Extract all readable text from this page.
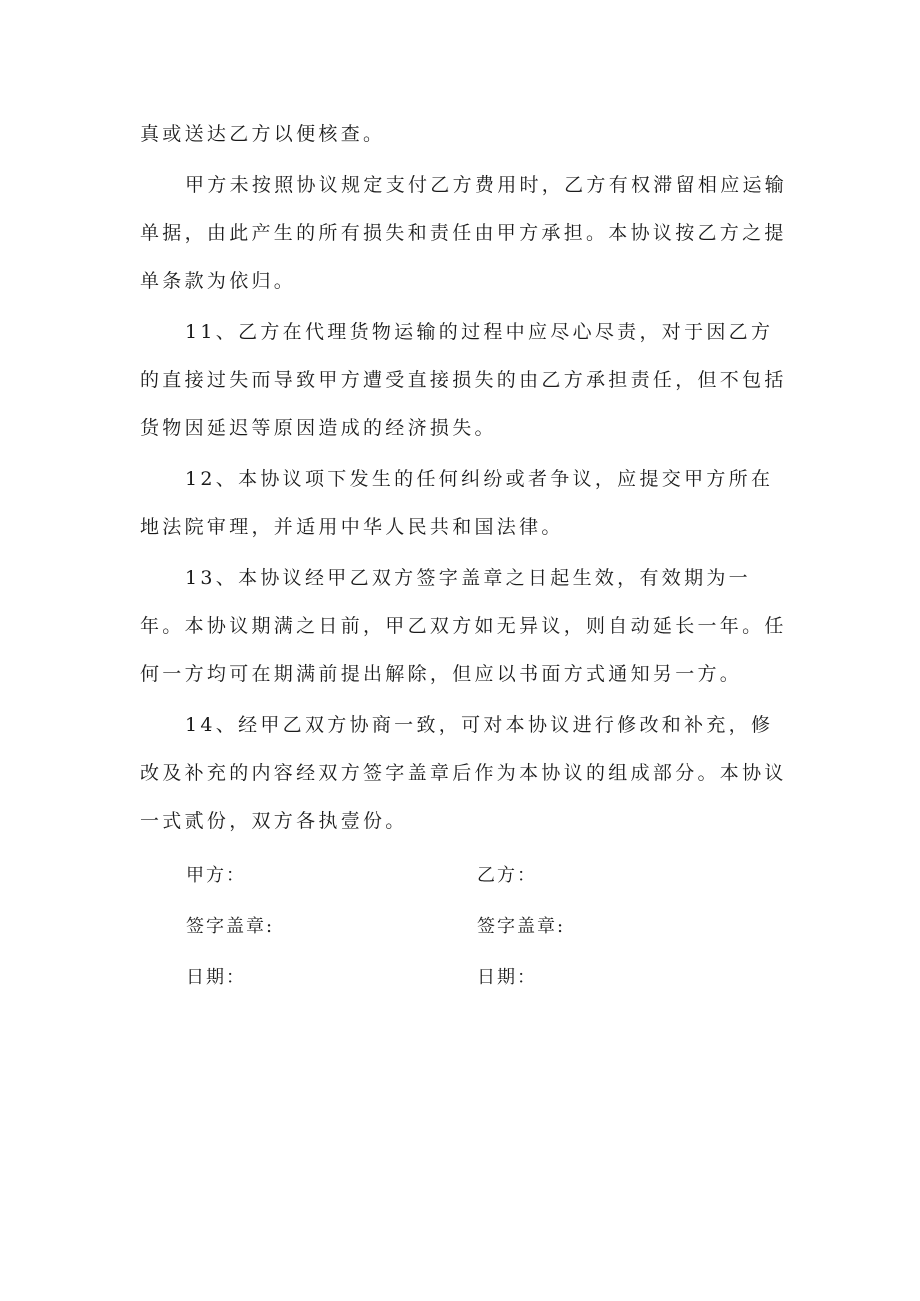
真或送达乙方以便核查。

甲方未按照协议规定支付乙方费用时，乙方有权滞留相应运输单据，由此产生的所有损失和责任由甲方承担。本协议按乙方之提单条款为依归。

11、乙方在代理货物运输的过程中应尽心尽责，对于因乙方的直接过失而导致甲方遭受直接损失的由乙方承担责任，但不包括货物因延迟等原因造成的经济损失。

12、本协议项下发生的任何纠纷或者争议，应提交甲方所在地法院审理，并适用中华人民共和国法律。

13、本协议经甲乙双方签字盖章之日起生效，有效期为一年。本协议期满之日前，甲乙双方如无异议，则自动延长一年。任何一方均可在期满前提出解除，但应以书面方式通知另一方。

14、经甲乙双方协商一致，可对本协议进行修改和补充，修改及补充的内容经双方签字盖章后作为本协议的组成部分。本协议一式贰份，双方各执壹份。

甲方：	乙方：
签字盖章:	签字盖章:
日期：	日期：
